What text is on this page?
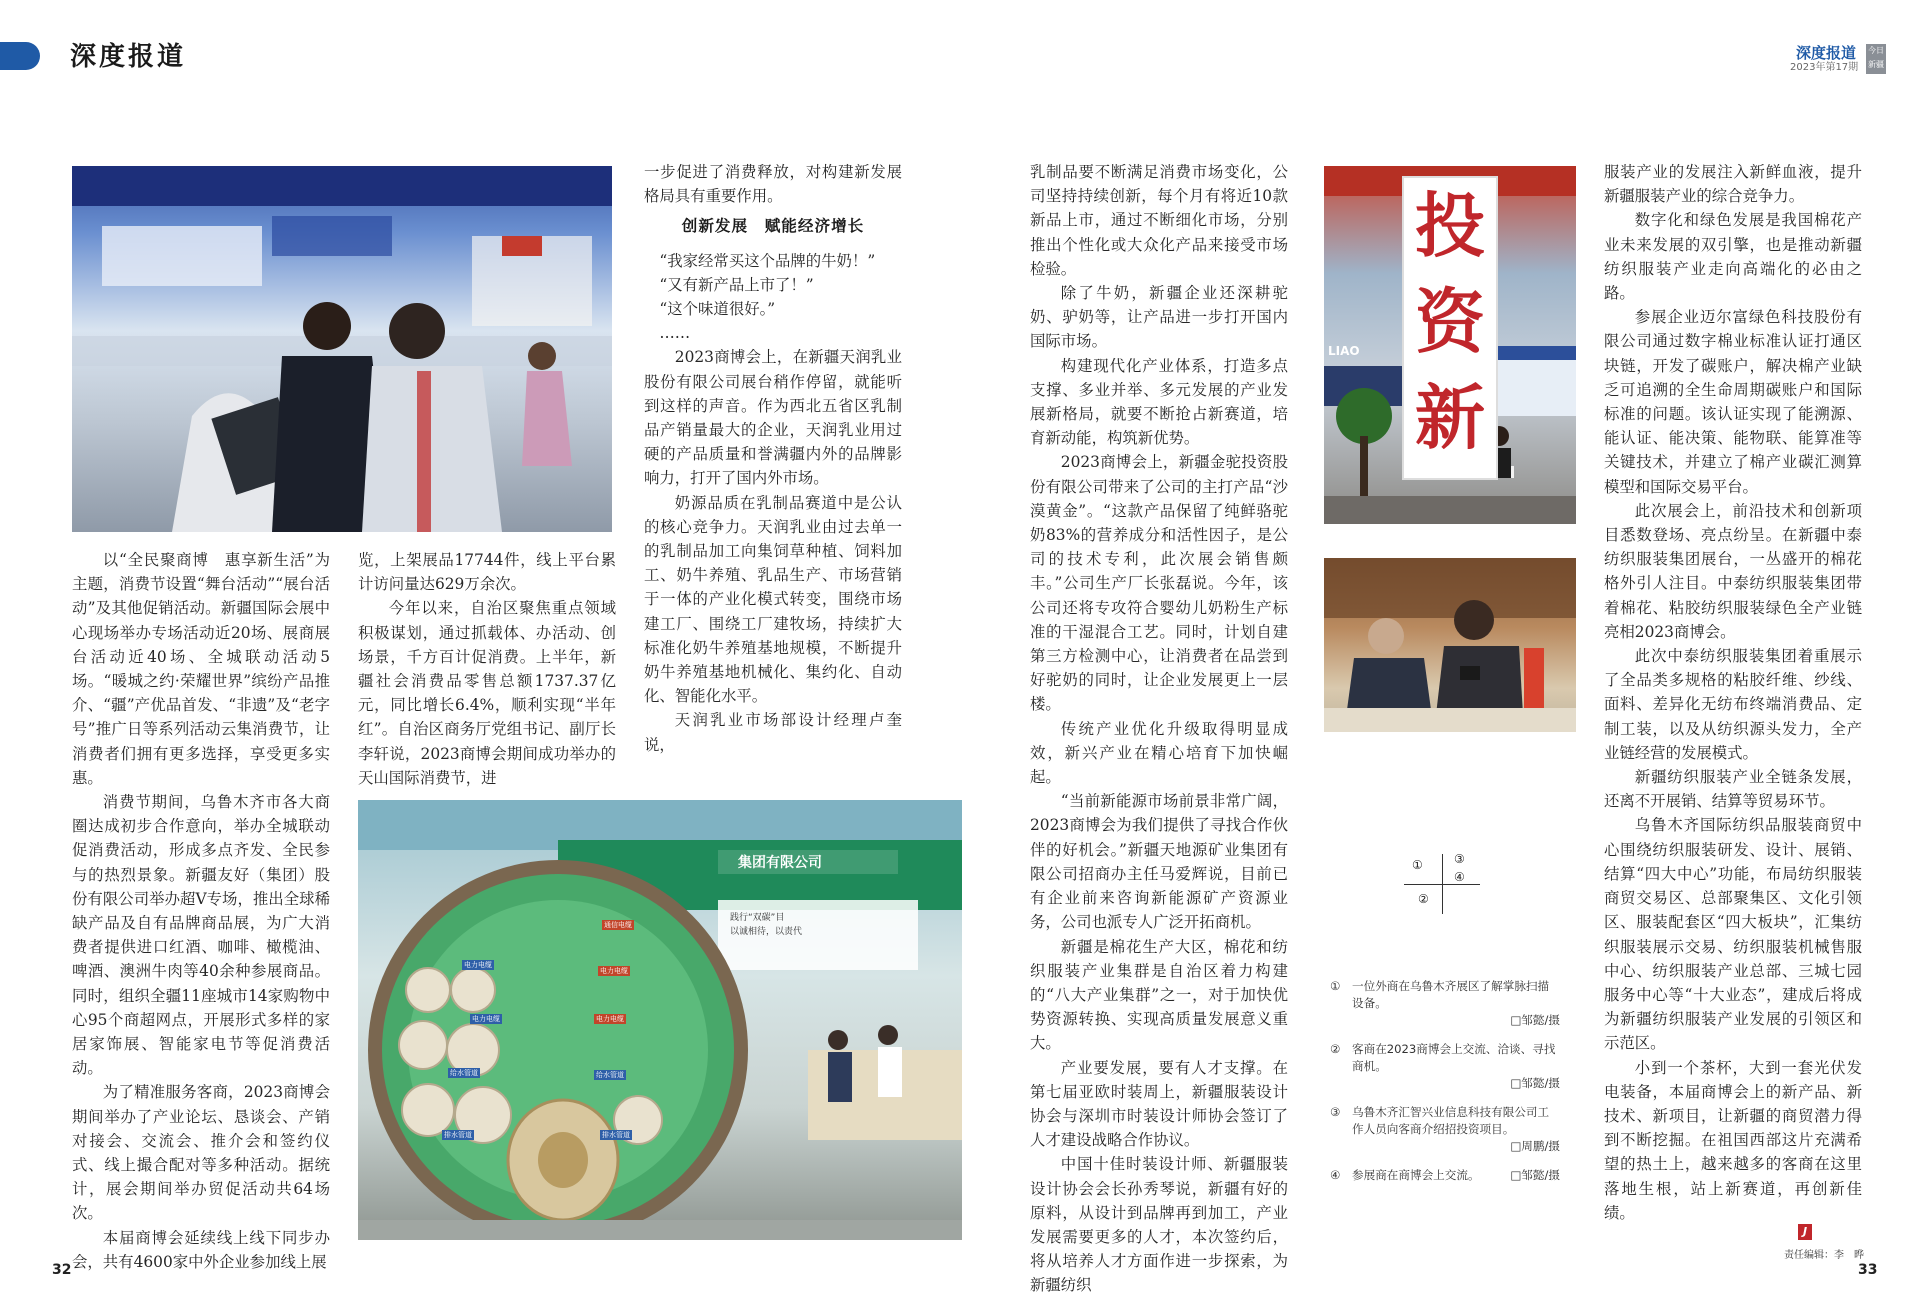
深度报道	深度报道
2023年第17期
今日
新疆

以“全民聚商博　惠享新生活”为主题，消费节设置“舞台活动”“展台活动”及其他促销活动。新疆国际会展中心现场举办专场活动近20场、展商展台活动近40场、全城联动活动5场。“暖城之约·荣耀世界”缤纷产品推介、“疆”产优品首发、“非遗”及“老字号”推广日等系列活动云集消费节，让消费者们拥有更多选择，享受更多实惠。

消费节期间，乌鲁木齐市各大商圈达成初步合作意向，举办全城联动促消费活动，形成多点齐发、全民参与的热烈景象。新疆友好（集团）股份有限公司举办超V专场，推出全球稀缺产品及自有品牌商品展，为广大消费者提供进口红酒、咖啡、橄榄油、啤酒、澳洲牛肉等40余种参展商品。同时，组织全疆11座城市14家购物中心95个商超网点，开展形式多样的家居家饰展、智能家电节等促消费活动。

为了精准服务客商，2023商博会期间举办了产业论坛、恳谈会、产销对接会、交流会、推介会和签约仪式、线上撮合配对等多种活动。据统计，展会期间举办贸促活动共64场次。

本届商博会延续线上线下同步办会，共有4600家中外企业参加线上展

览，上架展品17744件，线上平台累计访问量达629万余次。

今年以来，自治区聚焦重点领域积极谋划，通过抓载体、办活动、创场景，千方百计促消费。上半年，新疆社会消费品零售总额1737.37亿元，同比增长6.4%，顺利实现“半年红”。自治区商务厅党组书记、副厅长李轩说，2023商博会期间成功举办的天山国际消费节，进

一步促进了消费释放，对构建新发展格局具有重要作用。

创新发展　赋能经济增长

“我家经常买这个品牌的牛奶！”

“又有新产品上市了！”

“这个味道很好。”

……

2023商博会上，在新疆天润乳业股份有限公司展台稍作停留，就能听到这样的声音。作为西北五省区乳制品产销量最大的企业，天润乳业用过硬的产品质量和誉满疆内外的品牌影响力，打开了国内外市场。

奶源品质在乳制品赛道中是公认的核心竞争力。天润乳业由过去单一的乳制品加工向集饲草种植、饲料加工、奶牛养殖、乳品生产、市场营销于一体的产业化模式转变，围绕市场建工厂、围绕工厂建牧场，持续扩大标准化奶牛养殖基地规模，不断提升奶牛养殖基地机械化、集约化、自动化、智能化水平。

天润乳业市场部设计经理卢奎说，

集团有限公司
践行“双碳”目
以诚相待，以责代
通信电缆
电力电缆
电力电缆
电力电缆
给水管道
电力电缆
给水管道
排水管道	排水管道

乳制品要不断满足消费市场变化，公司坚持持续创新，每个月有将近10款新品上市，通过不断细化市场，分别推出个性化或大众化产品来接受市场检验。

除了牛奶，新疆企业还深耕驼奶、驴奶等，让产品进一步打开国内国际市场。

构建现代化产业体系，打造多点支撑、多业并举、多元发展的产业发展新格局，就要不断抢占新赛道，培育新动能，构筑新优势。

2023商博会上，新疆金驼投资股份有限公司带来了公司的主打产品“沙漠黄金”。“这款产品保留了纯鲜骆驼奶83%的营养成分和活性因子，是公司的技术专利，此次展会销售颇丰。”公司生产厂长张磊说。今年，该公司还将专攻符合婴幼儿奶粉生产标准的干湿混合工艺。同时，计划自建第三方检测中心，让消费者在品尝到好驼奶的同时，让企业发展更上一层楼。

传统产业优化升级取得明显成效，新兴产业在精心培育下加快崛起。

“当前新能源市场前景非常广阔，2023商博会为我们提供了寻找合作伙伴的好机会。”新疆天地源矿业集团有限公司招商办主任马爱辉说，目前已有企业前来咨询新能源矿产资源业务，公司也派专人广泛开拓商机。

新疆是棉花生产大区，棉花和纺织服装产业集群是自治区着力构建的“八大产业集群”之一，对于加快优势资源转换、实现高质量发展意义重大。

产业要发展，要有人才支撑。在第七届亚欧时装周上，新疆服装设计协会与深圳市时装设计师协会签订了人才建设战略合作协议。

中国十佳时装设计师、新疆服装设计协会会长孙秀琴说，新疆有好的原料，从设计到品牌再到加工，产业发展需要更多的人才，本次签约后，将从培养人才方面作进一步探索，为新疆纺织

投
资
新
LIAO
①
②
③
④
① 一位外商在乌鲁木齐展区了解掌脉扫描设备。
□邹懿/摄
② 客商在2023商博会上交流、洽谈、寻找商机。
□邹懿/摄
③ 乌鲁木齐汇智兴业信息科技有限公司工作人员向客商介绍招投资项目。
□周鹏/摄
④ 参展商在商博会上交流。	□邹懿/摄

服装产业的发展注入新鲜血液，提升新疆服装产业的综合竞争力。

数字化和绿色发展是我国棉花产业未来发展的双引擎，也是推动新疆纺织服装产业走向高端化的必由之路。

参展企业迈尔富绿色科技股份有限公司通过数字棉业标准认证打通区块链，开发了碳账户，解决棉产业缺乏可追溯的全生命周期碳账户和国际标准的问题。该认证实现了能溯源、能认证、能决策、能物联、能算准等关键技术，并建立了棉产业碳汇测算模型和国际交易平台。

此次展会上，前沿技术和创新项目悉数登场、亮点纷呈。在新疆中泰纺织服装集团展台，一丛盛开的棉花格外引人注目。中泰纺织服装集团带着棉花、粘胶纺织服装绿色全产业链亮相2023商博会。

此次中泰纺织服装集团着重展示了全品类多规格的粘胶纤维、纱线、面料、差异化无纺布终端消费品、定制工装，以及从纺织源头发力，全产业链经营的发展模式。

新疆纺织服装产业全链条发展，还离不开展销、结算等贸易环节。

乌鲁木齐国际纺织品服装商贸中心围绕纺织服装研发、设计、展销、结算“四大中心”功能，布局纺织服装商贸交易区、总部聚集区、文化引领区、服装配套区“四大板块”，汇集纺织服装展示交易、纺织服装机械售服中心、纺织服装产业总部、三城七园服务中心等“十大业态”，建成后将成为新疆纺织服装产业发展的引领区和示范区。

小到一个茶杯，大到一套光伏发电装备，本届商博会上的新产品、新技术、新项目，让新疆的商贸潜力得到不断挖掘。在祖国西部这片充满希望的热土上，越来越多的客商在这里落地生根，站上新赛道，再创新佳绩。

32
J
责任编辑：李　晔
33
